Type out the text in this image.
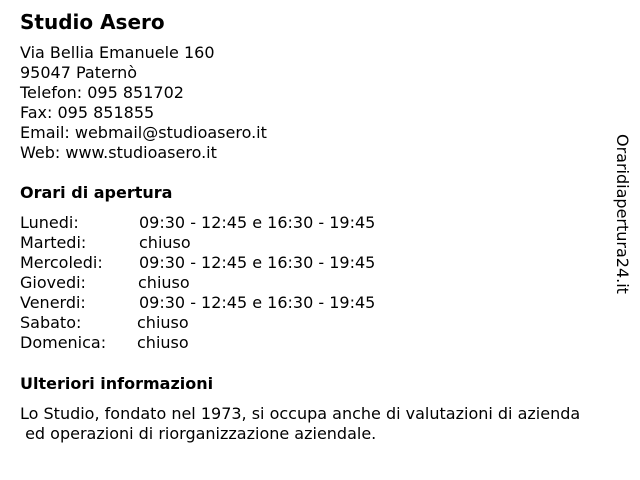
Studio Asero
Via Bellia Emanuele 160
95047 Paternò
Telefon: 095 851702
Fax: 095 851855
Email: webmail@studioasero.it
Web: www.studioasero.it
Orari di apertura
Lunedi:	09:30 - 12:45 e 16:30 - 19:45
Martedi:	chiuso
Mercoledi: 09:30 - 12:45 e 16:30 - 19:45
Giovedi:	chiuso
Venerdi:	09:30 - 12:45 e 16:30 - 19:45
Sabato:	chiuso
Domenica: chiuso
Ulteriori informazioni
Lo Studio, fondato nel 1973, si occupa anche di valutazioni di azienda
ed operazioni di riorganizzazione aziendale.
Oraridiapertura24.it
